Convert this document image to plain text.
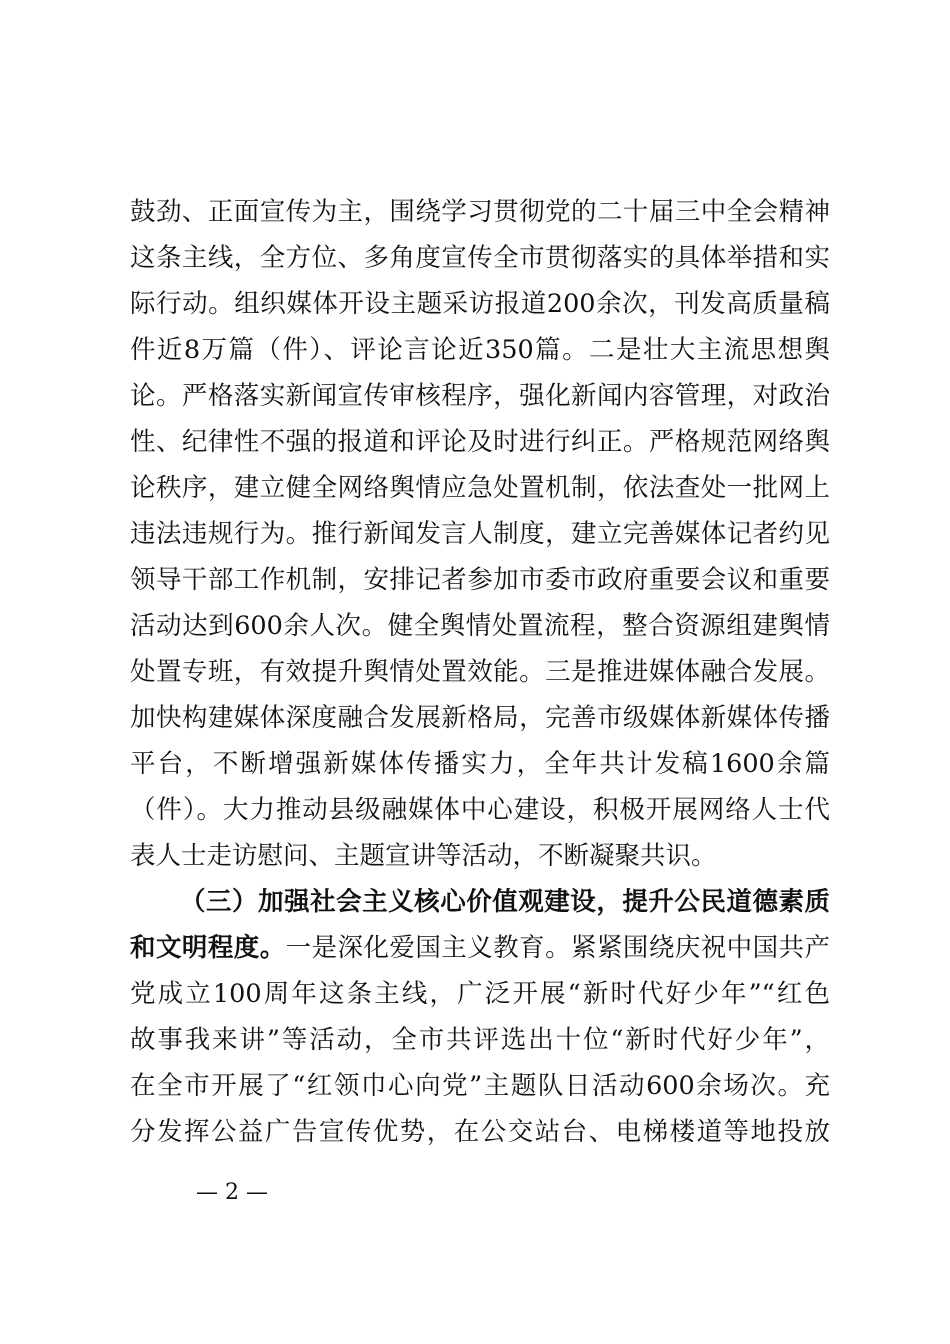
鼓劲、正面宣传为主，围绕学习贯彻党的二十届三中全会精神
这条主线，全方位、多角度宣传全市贯彻落实的具体举措和实
际行动。组织媒体开设主题采访报道200余次，刊发高质量稿
件近8万篇（件）、评论言论近350篇。二是壮大主流思想舆
论。严格落实新闻宣传审核程序，强化新闻内容管理，对政治
性、纪律性不强的报道和评论及时进行纠正。严格规范网络舆
论秩序，建立健全网络舆情应急处置机制，依法查处一批网上
违法违规行为。推行新闻发言人制度，建立完善媒体记者约见
领导干部工作机制，安排记者参加市委市政府重要会议和重要
活动达到600余人次。健全舆情处置流程，整合资源组建舆情
处置专班，有效提升舆情处置效能。三是推进媒体融合发展。
加快构建媒体深度融合发展新格局，完善市级媒体新媒体传播
平台，不断增强新媒体传播实力，全年共计发稿1600余篇
（件）。大力推动县级融媒体中心建设，积极开展网络人士代
表人士走访慰问、主题宣讲等活动，不断凝聚共识。
（三）加强社会主义核心价值观建设，提升公民道德素质
和文明程度。一是深化爱国主义教育。紧紧围绕庆祝中国共产
党成立100周年这条主线，广泛开展“新时代好少年”“红色
故事我来讲”等活动，全市共评选出十位“新时代好少年”，
在全市开展了“红领巾心向党”主题队日活动600余场次。充
分发挥公益广告宣传优势，在公交站台、电梯楼道等地投放
— 2 —
